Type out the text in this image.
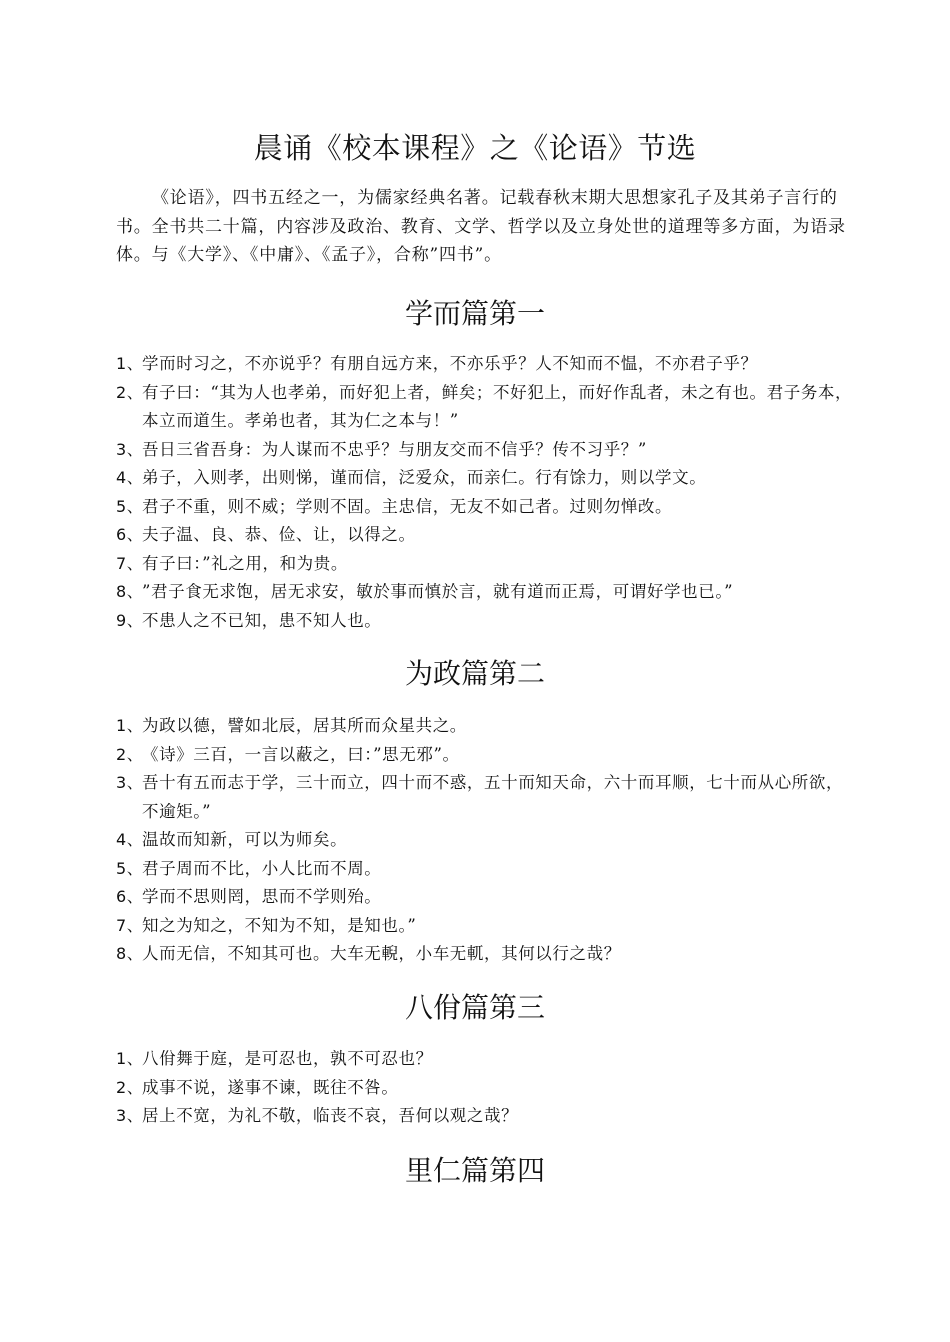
晨诵《校本课程》之《论语》节选

《论语》，四书五经之一，为儒家经典名著。记载春秋末期大思想家孔子及其弟子言行的书。全书共二十篇，内容涉及政治、教育、文学、哲学以及立身处世的道理等多方面，为语录体。与《大学》、《中庸》、《孟子》，合称”四书”。

学而篇第一
1、
学而时习之，不亦说乎？有朋自远方来，不亦乐乎？人不知而不愠，不亦君子乎？
2、
有子曰：“其为人也孝弟，而好犯上者，鲜矣；不好犯上，而好作乱者，未之有也。君子务本，本立而道生。孝弟也者，其为仁之本与！”
3、
吾日三省吾身：为人谋而不忠乎？与朋友交而不信乎？传不习乎？”
4、
弟子，入则孝，出则悌，谨而信，泛爱众，而亲仁。行有馀力，则以学文。
5、
君子不重，则不威；学则不固。主忠信，无友不如己者。过则勿惮改。
6、
夫子温、良、恭、俭、让，以得之。
7、
有子曰：”礼之用，和为贵。
8、
”君子食无求饱，居无求安，敏於事而慎於言，就有道而正焉，可谓好学也已。”
9、
不患人之不已知，患不知人也。
为政篇第二
1、
为政以德，譬如北辰，居其所而众星共之。
2、
《诗》三百，一言以蔽之，曰：”思无邪”。
3、
吾十有五而志于学，三十而立，四十而不惑，五十而知天命，六十而耳顺，七十而从心所欲，不逾矩。”
4、
温故而知新，可以为师矣。
5、
君子周而不比，小人比而不周。
6、
学而不思则罔，思而不学则殆。
7、
知之为知之，不知为不知，是知也。”
8、
人而无信，不知其可也。大车无輗，小车无軏，其何以行之哉？
八佾篇第三
1、
八佾舞于庭，是可忍也，孰不可忍也？
2、
成事不说，遂事不谏，既往不咎。
3、
居上不宽，为礼不敬，临丧不哀，吾何以观之哉？
里仁篇第四
